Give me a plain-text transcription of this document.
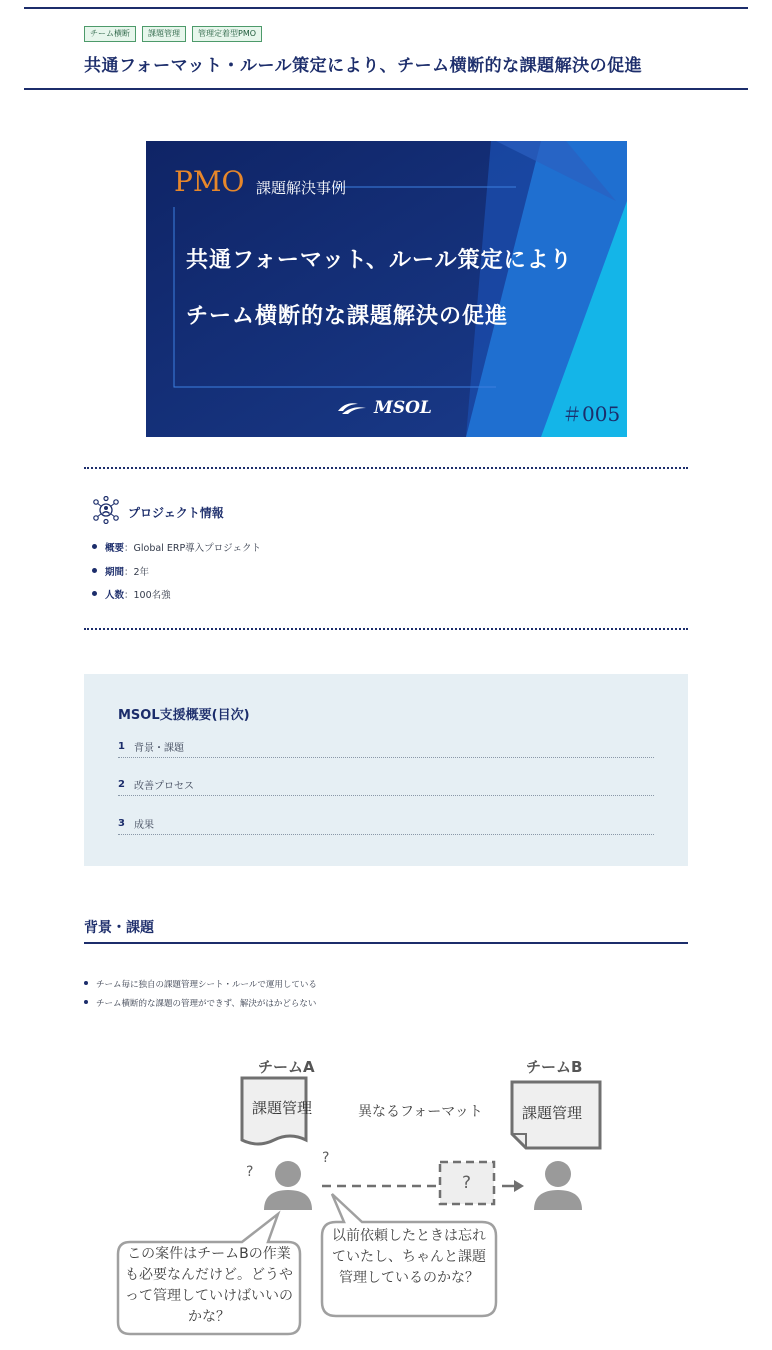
チーム横断	課題管理	管理定着型PMO
共通フォーマット・ルール策定により、チーム横断的な課題解決の促進
PMO 課題解決事例
共通フォーマット、ルール策定により
チーム横断的な課題解決の促進
MSOL	＃005
プロジェクト情報
概要 ：Global ERP導入プロジェクト
期間 ：2年
人数 ：100名強
MSOL支援概要(目次)
1 背景・課題
2 改善プロセス
3 成果
背景・課題
チーム毎に独自の課題管理シート・ルールで運用している
チーム横断的な課題の管理ができず、解決がはかどらない
チームA	チームB
課題管理	課題管理
異なるフォーマット
?
?
?
この案件はチームBの作業も必要なんだけど。どうやって管理していけばいいのかな？
以前依頼したときは忘れていたし、ちゃんと課題管理しているのかな？
